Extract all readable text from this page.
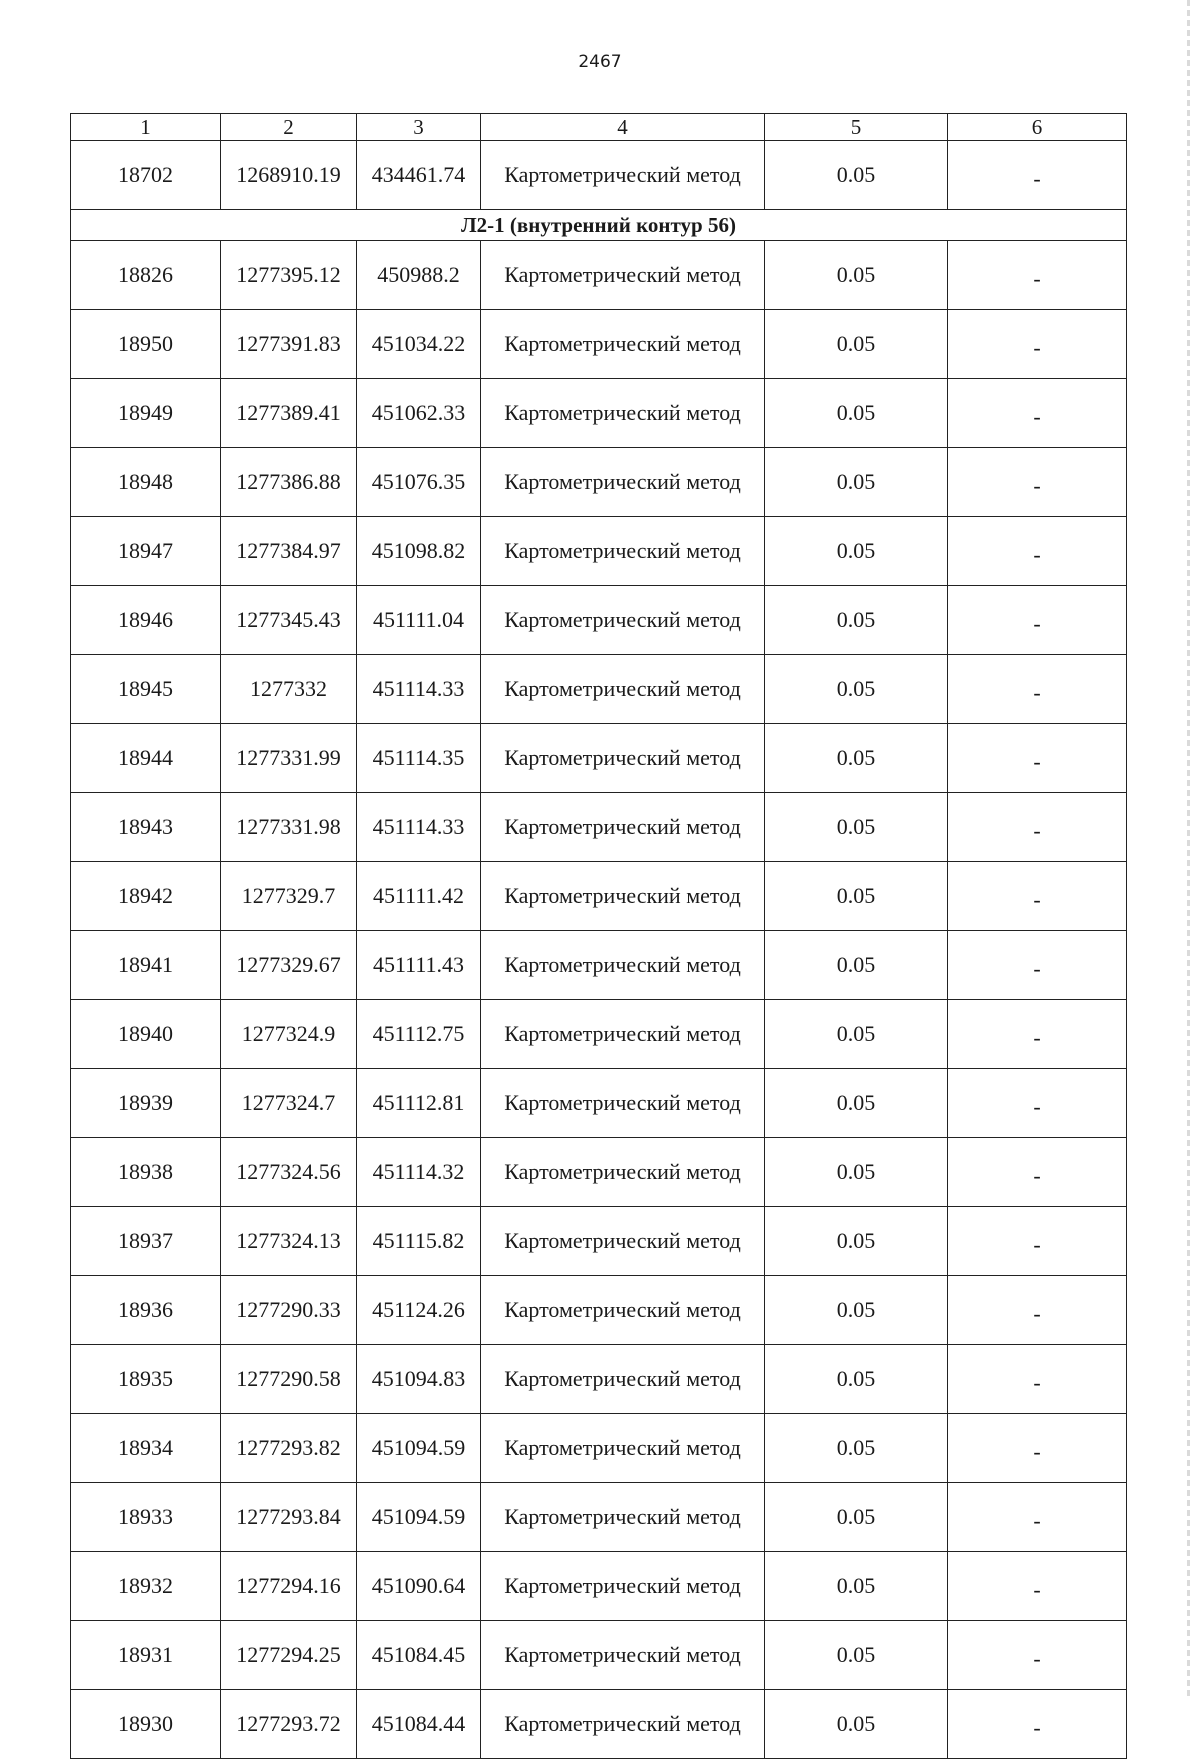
2467
1	2	3	4	5	6
18702	1268910.19	434461.74	Картометрический метод	0.05	-
Л2-1 (внутренний контур 56)					
18826	1277395.12	450988.2	Картометрический метод	0.05	-
18950	1277391.83	451034.22	Картометрический метод	0.05	-
18949	1277389.41	451062.33	Картометрический метод	0.05	-
18948	1277386.88	451076.35	Картометрический метод	0.05	-
18947	1277384.97	451098.82	Картометрический метод	0.05	-
18946	1277345.43	451111.04	Картометрический метод	0.05	-
18945	1277332	451114.33	Картометрический метод	0.05	-
18944	1277331.99	451114.35	Картометрический метод	0.05	-
18943	1277331.98	451114.33	Картометрический метод	0.05	-
18942	1277329.7	451111.42	Картометрический метод	0.05	-
18941	1277329.67	451111.43	Картометрический метод	0.05	-
18940	1277324.9	451112.75	Картометрический метод	0.05	-
18939	1277324.7	451112.81	Картометрический метод	0.05	-
18938	1277324.56	451114.32	Картометрический метод	0.05	-
18937	1277324.13	451115.82	Картометрический метод	0.05	-
18936	1277290.33	451124.26	Картометрический метод	0.05	-
18935	1277290.58	451094.83	Картометрический метод	0.05	-
18934	1277293.82	451094.59	Картометрический метод	0.05	-
18933	1277293.84	451094.59	Картометрический метод	0.05	-
18932	1277294.16	451090.64	Картометрический метод	0.05	-
18931	1277294.25	451084.45	Картометрический метод	0.05	-
18930	1277293.72	451084.44	Картометрический метод	0.05	-
